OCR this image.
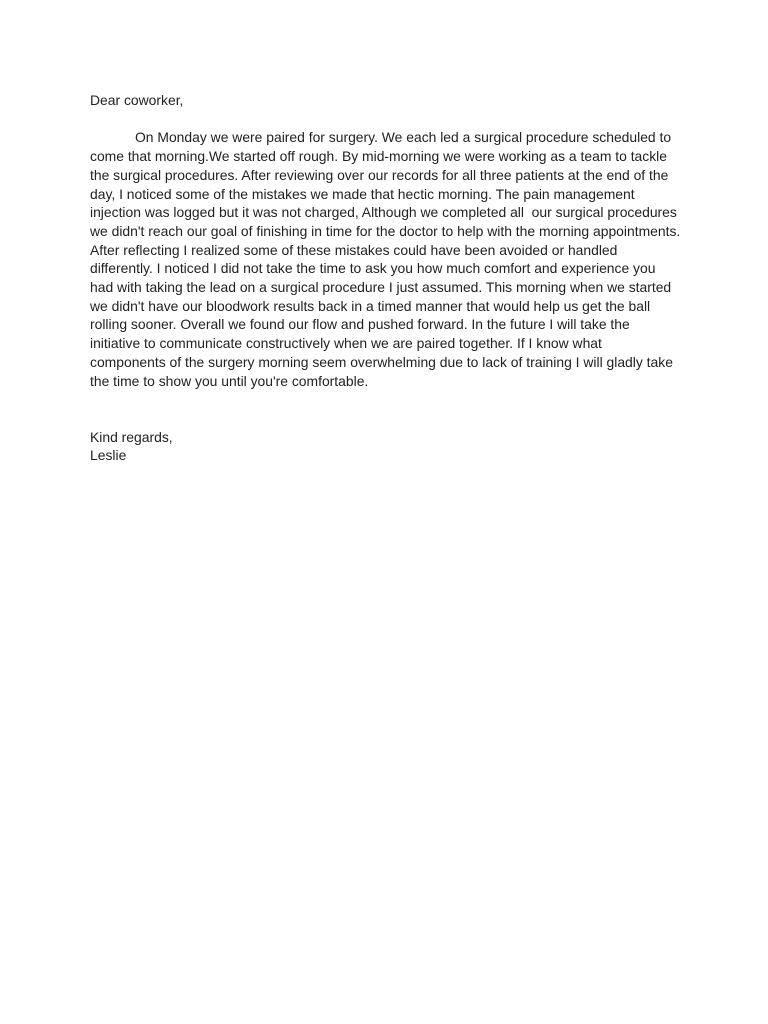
Dear coworker,
On Monday we were paired for surgery. We each led a surgical procedure scheduled to
come that morning.We started off rough. By mid-morning we were working as a team to tackle
the surgical procedures. After reviewing over our records for all three patients at the end of the
day, I noticed some of the mistakes we made that hectic morning. The pain management
injection was logged but it was not charged, Although we completed all  our surgical procedures
we didn't reach our goal of finishing in time for the doctor to help with the morning appointments.
After reflecting I realized some of these mistakes could have been avoided or handled
differently. I noticed I did not take the time to ask you how much comfort and experience you
had with taking the lead on a surgical procedure I just assumed. This morning when we started
we didn't have our bloodwork results back in a timed manner that would help us get the ball
rolling sooner. Overall we found our flow and pushed forward. In the future I will take the
initiative to communicate constructively when we are paired together. If I know what
components of the surgery morning seem overwhelming due to lack of training I will gladly take
the time to show you until you're comfortable.
Kind regards,
Leslie
